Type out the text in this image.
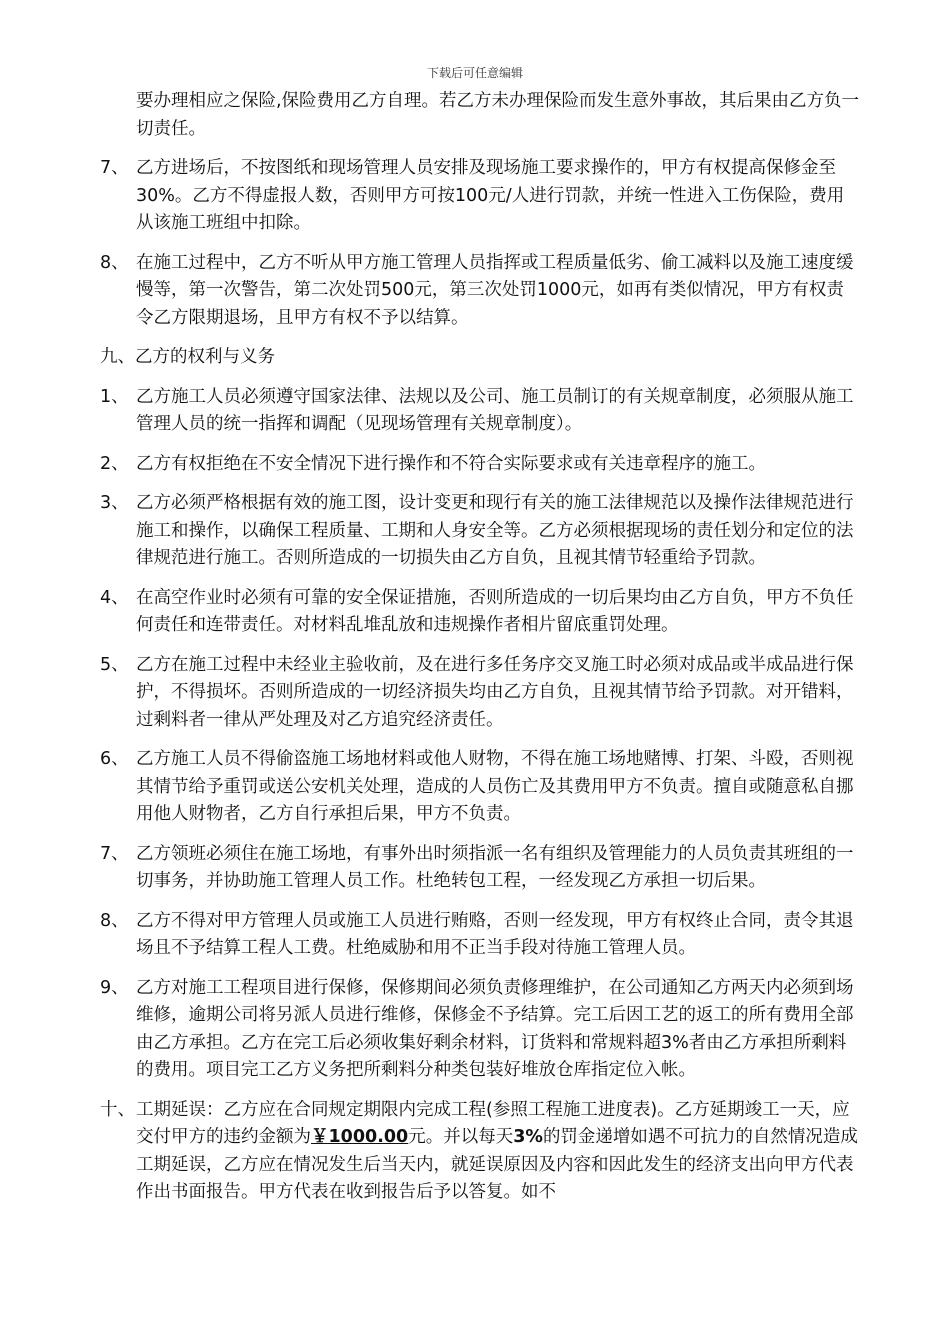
下载后可任意编辑

要办理相应之保险,保险费用乙方自理。若乙方未办理保险而发生意外事故，其后果由乙方负一切责任。

7、 乙方进场后，不按图纸和现场管理人员安排及现场施工要求操作的，甲方有权提高保修金至30%。乙方不得虚报人数，否则甲方可按100元/人进行罚款，并统一性进入工伤保险，费用从该施工班组中扣除。
8、 在施工过程中，乙方不听从甲方施工管理人员指挥或工程质量低劣、偷工减料以及施工速度缓慢等，第一次警告，第二次处罚500元，第三次处罚1000元，如再有类似情况，甲方有权责令乙方限期退场，且甲方有权不予以结算。
九、乙方的权利与义务
1、 乙方施工人员必须遵守国家法律、法规以及公司、施工员制订的有关规章制度，必须服从施工管理人员的统一指挥和调配（见现场管理有关规章制度）。
2、 乙方有权拒绝在不安全情况下进行操作和不符合实际要求或有关违章程序的施工。
3、 乙方必须严格根据有效的施工图，设计变更和现行有关的施工法律规范以及操作法律规范进行施工和操作，以确保工程质量、工期和人身安全等。乙方必须根据现场的责任划分和定位的法律规范进行施工。否则所造成的一切损失由乙方自负，且视其情节轻重给予罚款。
4、 在高空作业时必须有可靠的安全保证措施，否则所造成的一切后果均由乙方自负，甲方不负任何责任和连带责任。对材料乱堆乱放和违规操作者相片留底重罚处理。
5、 乙方在施工过程中未经业主验收前，及在进行多任务序交叉施工时必须对成品或半成品进行保护，不得损坏。否则所造成的一切经济损失均由乙方自负，且视其情节给予罚款。对开错料，过剩料者一律从严处理及对乙方追究经济责任。
6、 乙方施工人员不得偷盗施工场地材料或他人财物，不得在施工场地赌博、打架、斗殴，否则视其情节给予重罚或送公安机关处理，造成的人员伤亡及其费用甲方不负责。擅自或随意私自挪用他人财物者，乙方自行承担后果，甲方不负责。
7、 乙方领班必须住在施工场地，有事外出时须指派一名有组织及管理能力的人员负责其班组的一切事务，并协助施工管理人员工作。杜绝转包工程，一经发现乙方承担一切后果。
8、 乙方不得对甲方管理人员或施工人员进行贿赂，否则一经发现，甲方有权终止合同，责令其退场且不予结算工程人工费。杜绝威胁和用不正当手段对待施工管理人员。
9、 乙方对施工工程项目进行保修，保修期间必须负责修理维护，在公司通知乙方两天内必须到场维修，逾期公司将另派人员进行维修，保修金不予结算。完工后因工艺的返工的所有费用全部由乙方承担。乙方在完工后必须收集好剩余材料，订货料和常规料超3%者由乙方承担所剩料的费用。项目完工乙方义务把所剩料分种类包装好堆放仓库指定位入帐。
十、 工期延误：乙方应在合同规定期限内完成工程(参照工程施工进度表)。乙方延期竣工一天，应交付甲方的违约金额为￥1000.00元。并以每天3%的罚金递增如遇不可抗力的自然情况造成工期延误，乙方应在情况发生后当天内，就延误原因及内容和因此发生的经济支出向甲方代表作出书面报告。甲方代表在收到报告后予以答复。如不
